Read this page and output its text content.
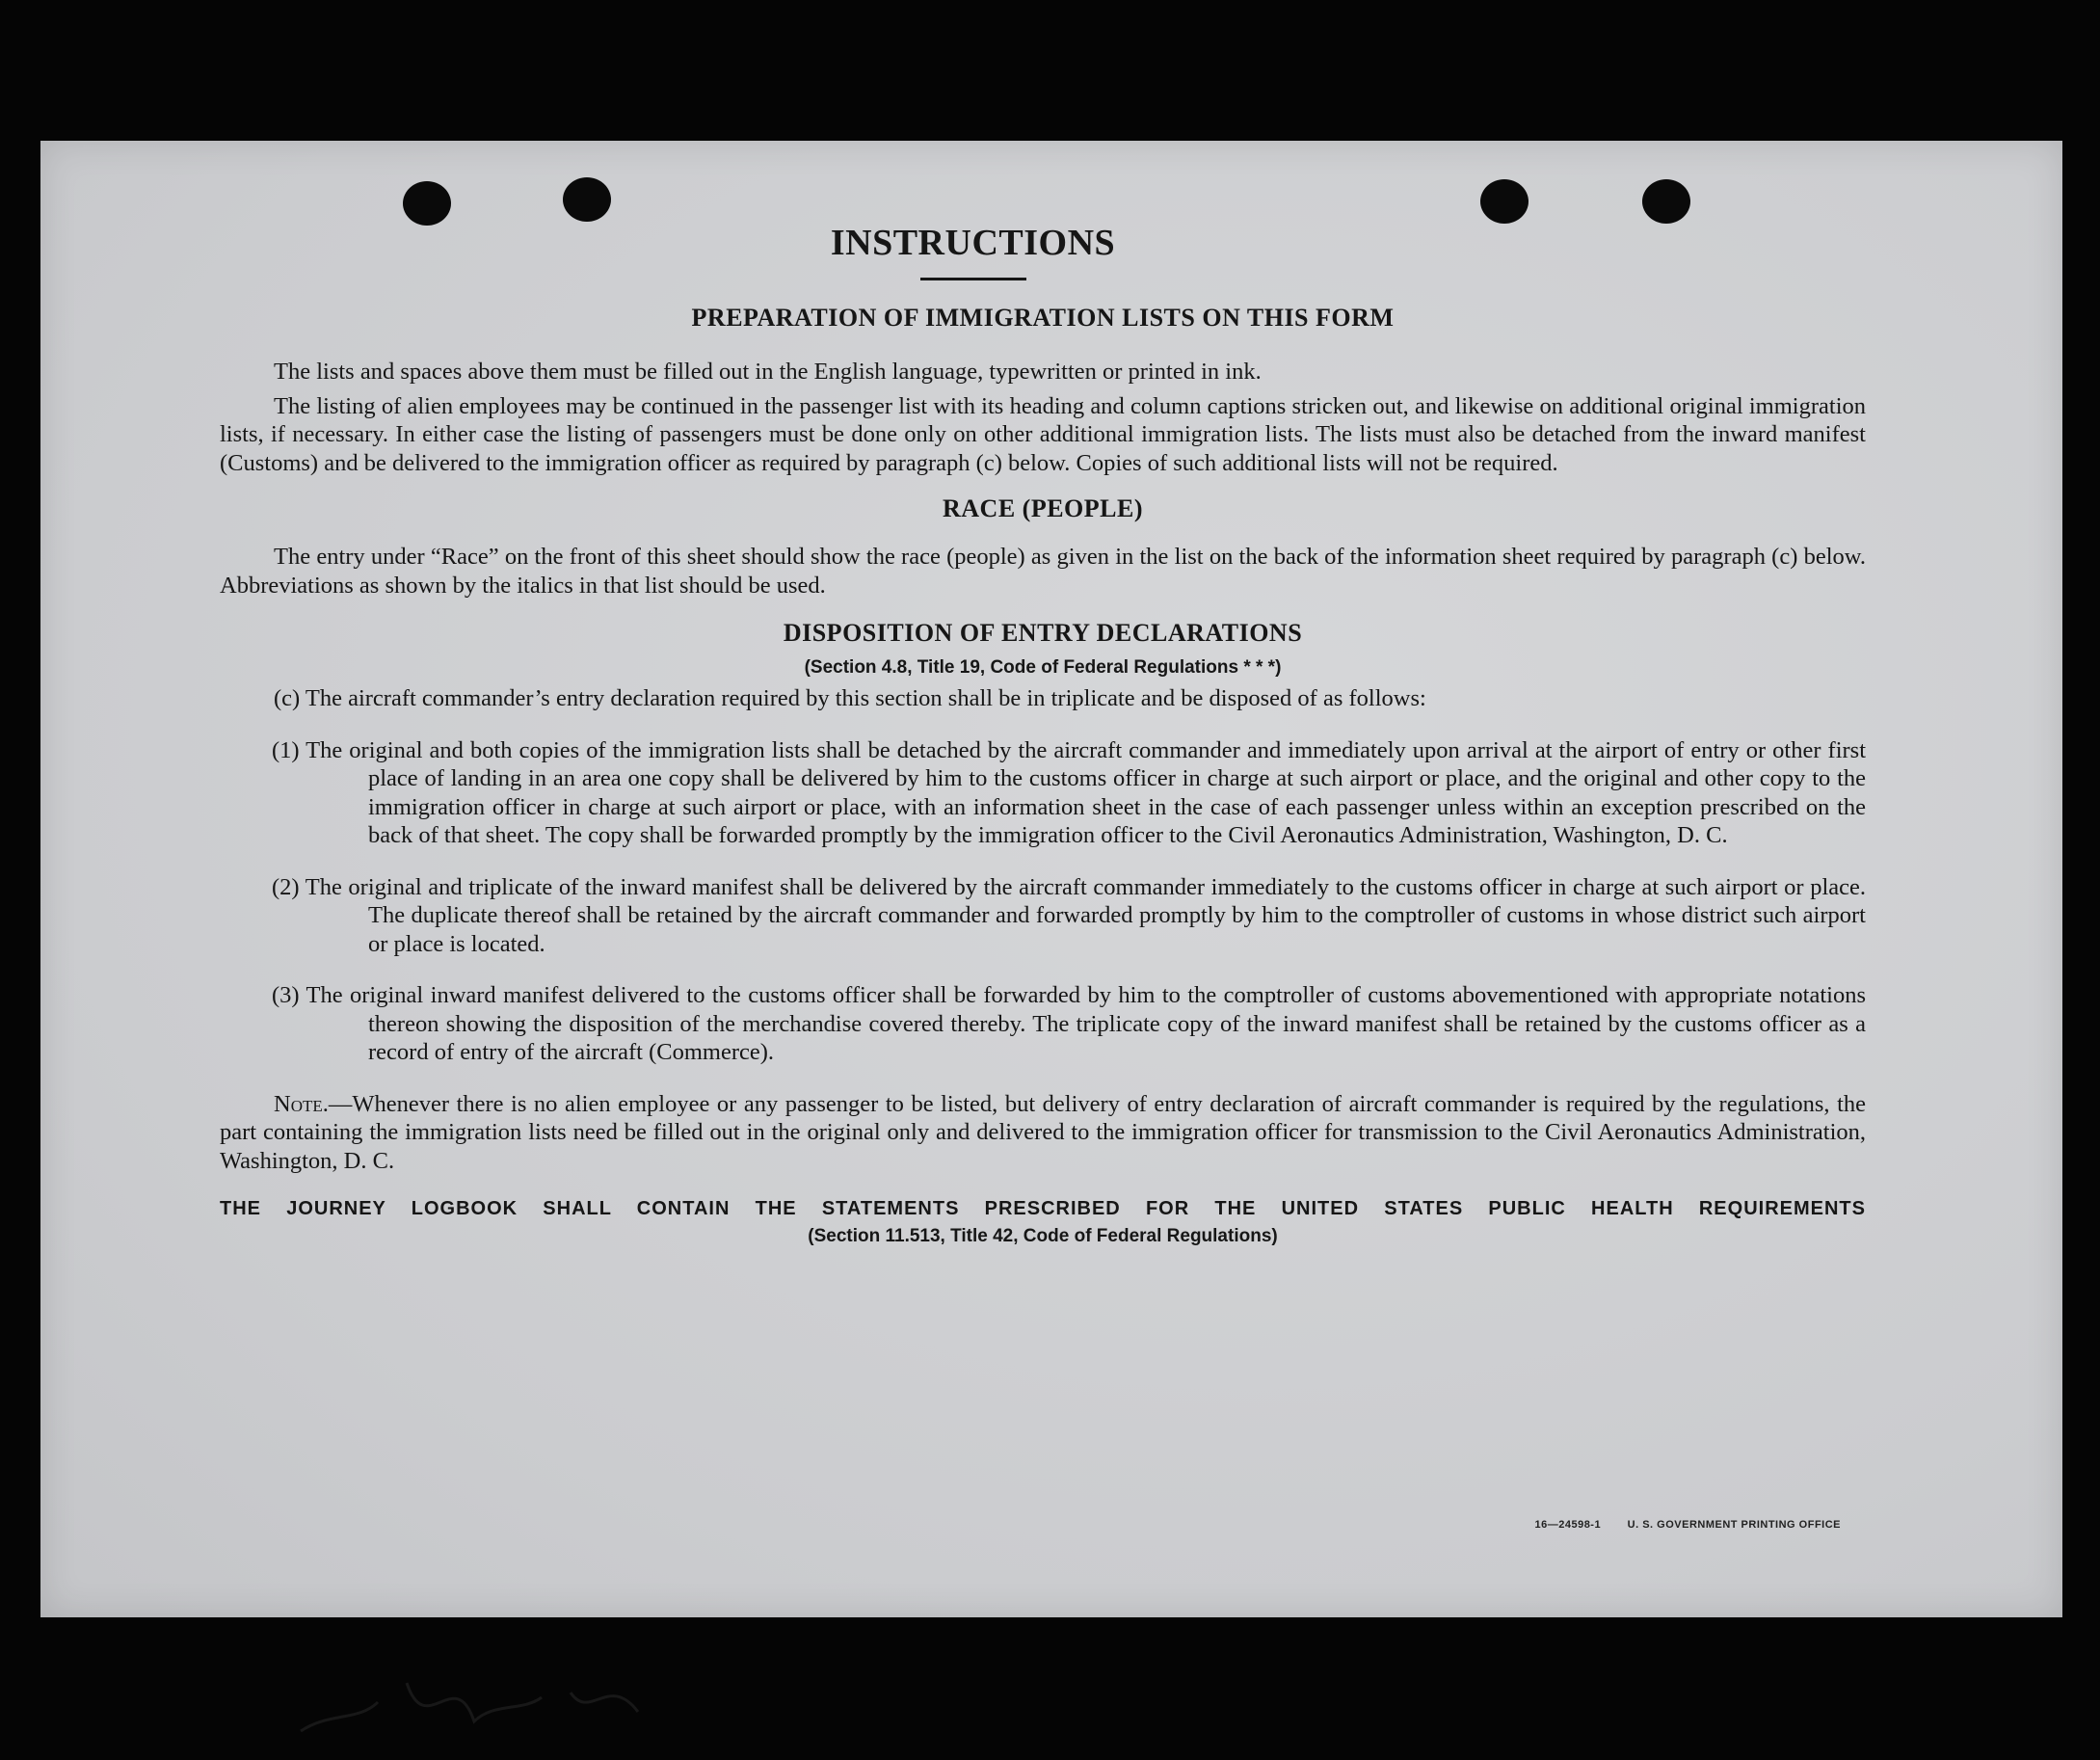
16—24598-1	U. S. GOVERNMENT PRINTING OFFICE
INSTRUCTIONS
PREPARATION OF IMMIGRATION LISTS ON THIS FORM

The lists and spaces above them must be filled out in the English language, typewritten or printed in ink.

The listing of alien employees may be continued in the passenger list with its heading and column captions stricken out, and likewise on additional original immigration lists, if necessary. In either case the listing of passengers must be done only on other additional immigration lists. The lists must also be detached from the inward manifest (Customs) and be delivered to the immigration officer as required by paragraph (c) below. Copies of such additional lists will not be required.

RACE (PEOPLE)

The entry under “Race” on the front of this sheet should show the race (people) as given in the list on the back of the information sheet required by paragraph (c) below. Abbreviations as shown by the italics in that list should be used.

DISPOSITION OF ENTRY DECLARATIONS
(Section 4.8, Title 19, Code of Federal Regulations * * *)

(c) The aircraft commander’s entry declaration required by this section shall be in triplicate and be disposed of as follows:

(1) The original and both copies of the immigration lists shall be detached by the aircraft commander and immediately upon arrival at the airport of entry or other first place of landing in an area one copy shall be delivered by him to the customs officer in charge at such airport or place, and the original and other copy to the immigration officer in charge at such airport or place, with an information sheet in the case of each passenger unless within an exception prescribed on the back of that sheet. The copy shall be forwarded promptly by the immigration officer to the Civil Aeronautics Administration, Washington, D. C.

(2) The original and triplicate of the inward manifest shall be delivered by the aircraft commander immediately to the customs officer in charge at such airport or place. The duplicate thereof shall be retained by the aircraft commander and forwarded promptly by him to the comptroller of customs in whose district such airport or place is located.

(3) The original inward manifest delivered to the customs officer shall be forwarded by him to the comptroller of customs abovementioned with appropriate notations thereon showing the disposition of the merchandise covered thereby. The triplicate copy of the inward manifest shall be retained by the customs officer as a record of entry of the aircraft (Commerce).

Note.—Whenever there is no alien employee or any passenger to be listed, but delivery of entry declaration of aircraft commander is required by the regulations, the part containing the immigration lists need be filled out in the original only and delivered to the immigration officer for transmission to the Civil Aeronautics Administration, Washington, D. C.

THE JOURNEY LOGBOOK SHALL CONTAIN THE STATEMENTS PRESCRIBED FOR THE UNITED STATES PUBLIC HEALTH REQUIREMENTS
(Section 11.513, Title 42, Code of Federal Regulations)
